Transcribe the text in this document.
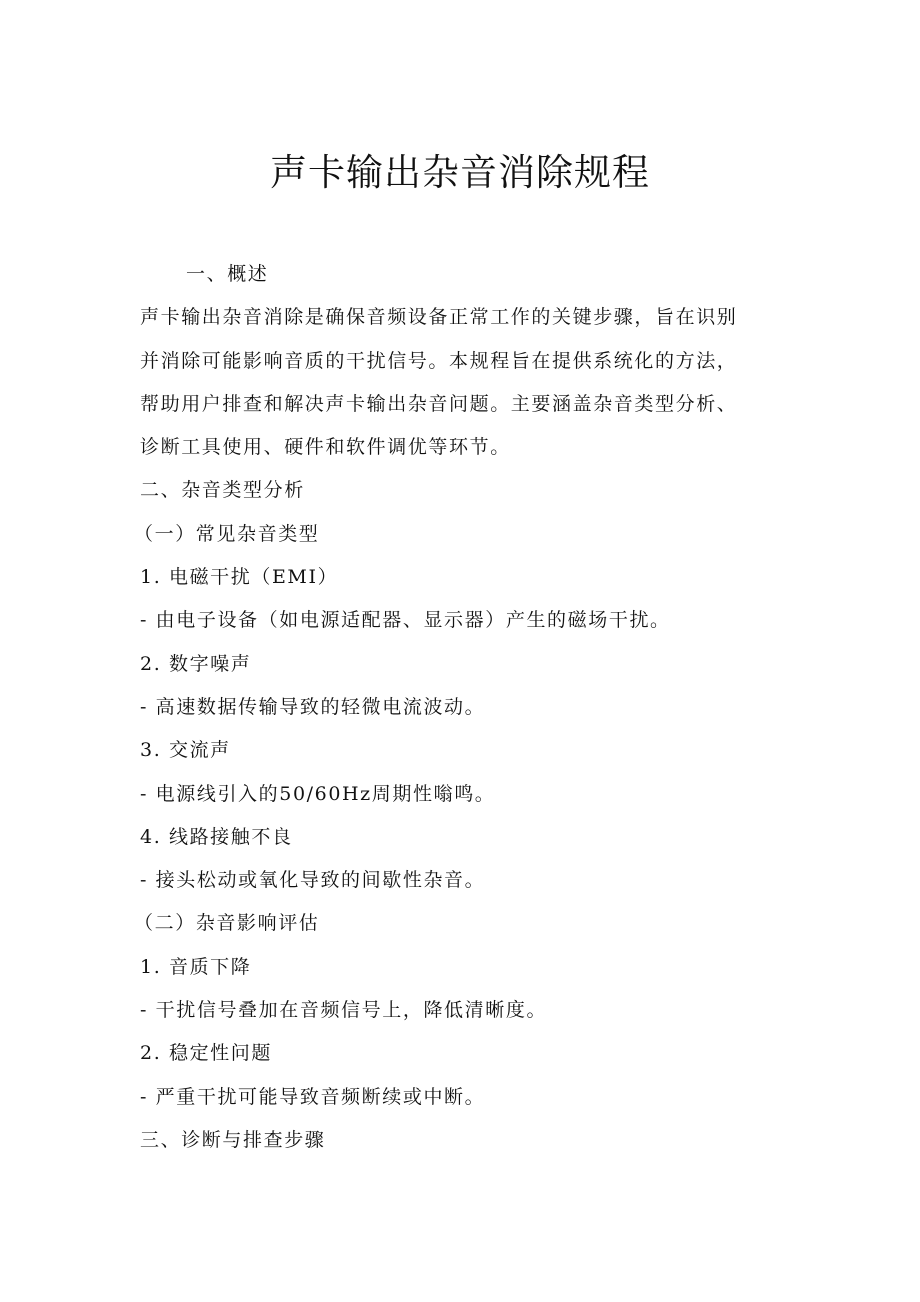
声卡输出杂音消除规程

一、概述

声卡输出杂音消除是确保音频设备正常工作的关键步骤，旨在识别

并消除可能影响音质的干扰信号。本规程旨在提供系统化的方法，

帮助用户排查和解决声卡输出杂音问题。主要涵盖杂音类型分析、

诊断工具使用、硬件和软件调优等环节。

二、杂音类型分析

（一）常见杂音类型

1. 电磁干扰（EMI）

- 由电子设备（如电源适配器、显示器）产生的磁场干扰。

2. 数字噪声

- 高速数据传输导致的轻微电流波动。

3. 交流声

- 电源线引入的50/60Hz周期性嗡鸣。

4. 线路接触不良

- 接头松动或氧化导致的间歇性杂音。

（二）杂音影响评估

1. 音质下降

- 干扰信号叠加在音频信号上，降低清晰度。

2. 稳定性问题

- 严重干扰可能导致音频断续或中断。

三、诊断与排查步骤
